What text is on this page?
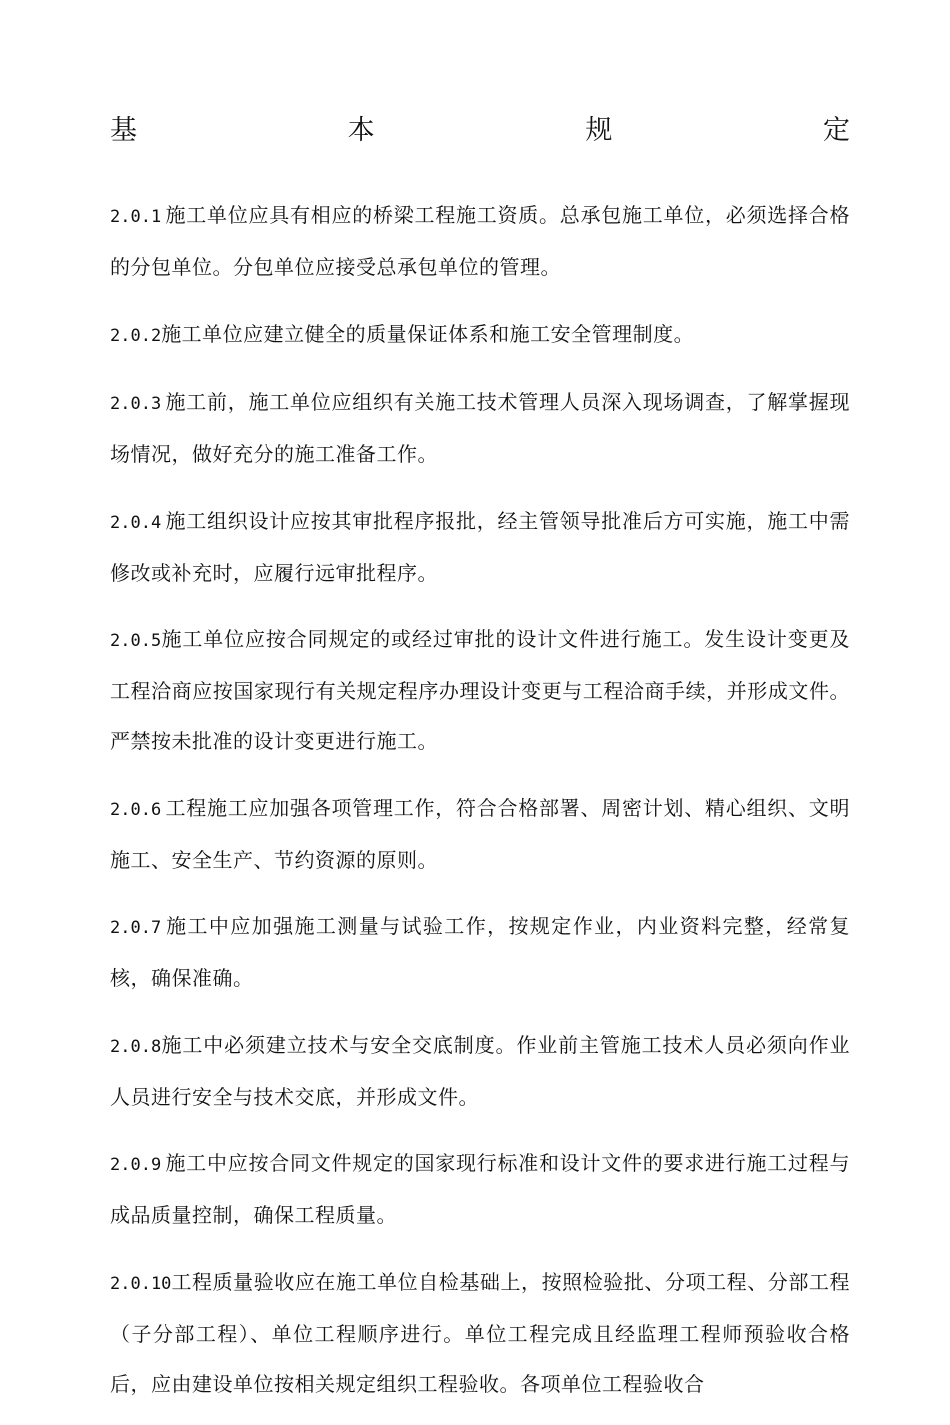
基	本	规	定

2.0.1 施工单位应具有相应的桥梁工程施工资质。总承包施工单位，必须选择合格的分包单位。分包单位应接受总承包单位的管理。

2.0.2施工单位应建立健全的质量保证体系和施工安全管理制度。

2.0.3 施工前，施工单位应组织有关施工技术管理人员深入现场调查，了解掌握现场情况，做好充分的施工准备工作。

2.0.4 施工组织设计应按其审批程序报批，经主管领导批准后方可实施，施工中需修改或补充时，应履行远审批程序。

2.0.5施工单位应按合同规定的或经过审批的设计文件进行施工。发生设计变更及工程洽商应按国家现行有关规定程序办理设计变更与工程洽商手续，并形成文件。严禁按未批准的设计变更进行施工。

2.0.6 工程施工应加强各项管理工作，符合合格部署、周密计划、精心组织、文明施工、安全生产、节约资源的原则。

2.0.7 施工中应加强施工测量与试验工作，按规定作业，内业资料完整，经常复核，确保准确。

2.0.8施工中必须建立技术与安全交底制度。作业前主管施工技术人员必须向作业人员进行安全与技术交底，并形成文件。

2.0.9 施工中应按合同文件规定的国家现行标准和设计文件的要求进行施工过程与成品质量控制，确保工程质量。

2.0.10工程质量验收应在施工单位自检基础上，按照检验批、分项工程、分部工程（子分部工程）、单位工程顺序进行。单位工程完成且经监理工程师预验收合格后，应由建设单位按相关规定组织工程验收。各项单位工程验收合
